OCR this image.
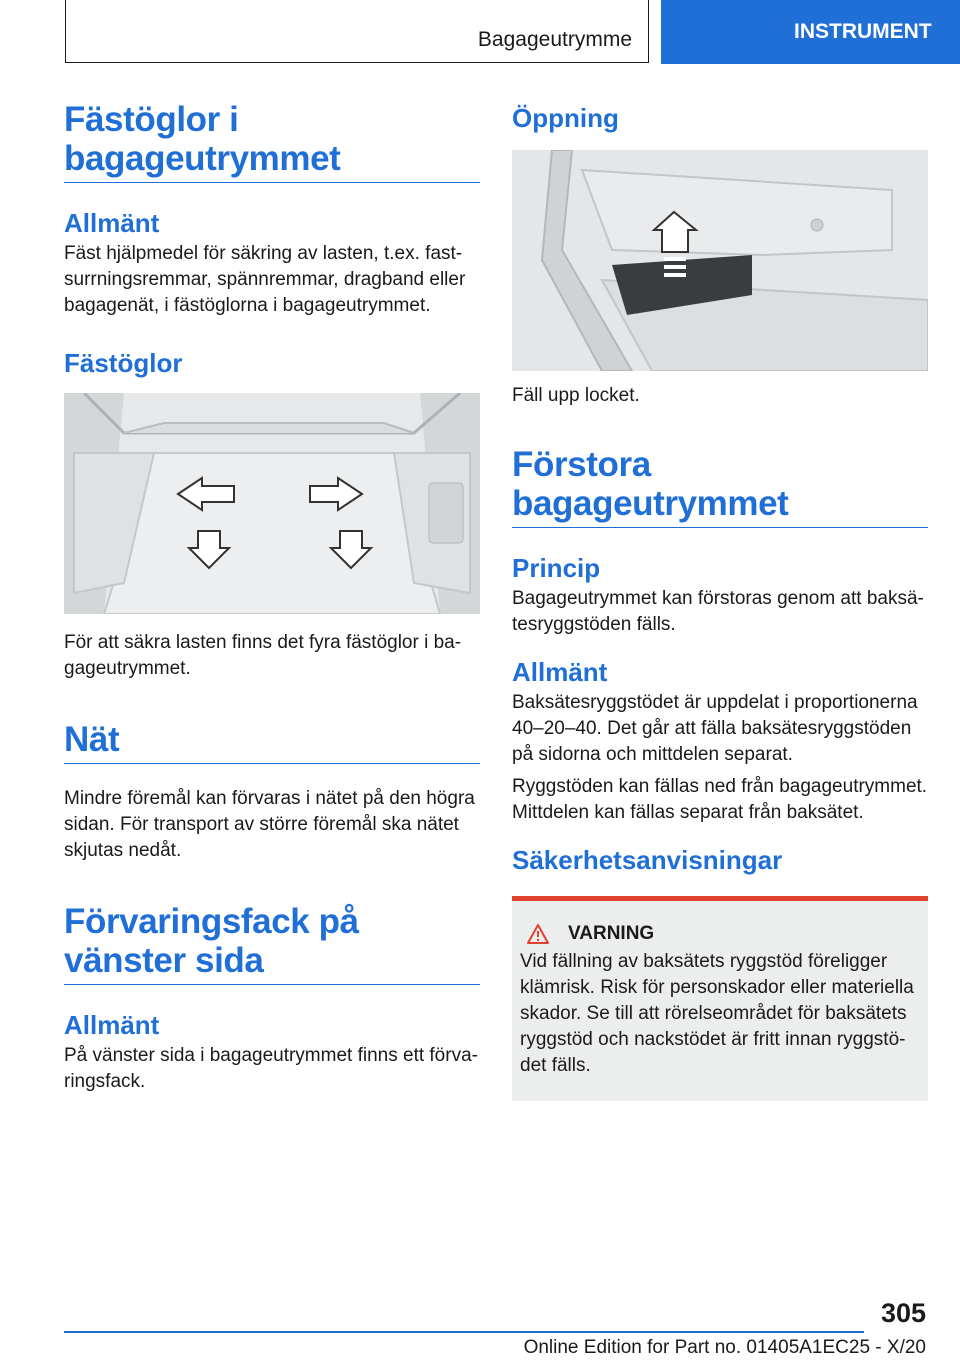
Bagageutrymme	INSTRUMENT
Fästöglor i bagageutrymmet
Allmänt

Fäst hjälpmedel för säkring av lasten, t.ex. fast-surrningsremmar, spännremmar, dragband eller bagagenät, i fästöglorna i bagageutrymmet.

Fästöglor

För att säkra lasten finns det fyra fästöglor i ba-gageutrymmet.

Nät

Mindre föremål kan förvaras i nätet på den högra sidan. För transport av större föremål ska nätet skjutas nedåt.

Förvaringsfack på vänster sida
Allmänt

På vänster sida i bagageutrymmet finns ett förva-ringsfack.

Öppning

Fäll upp locket.

Förstora bagageutrymmet
Princip

Bagageutrymmet kan förstoras genom att baksä-tesryggstöden fälls.

Allmänt

Baksätesryggstödet är uppdelat i proportionerna 40–20–40. Det går att fälla baksätesryggstöden på sidorna och mittdelen separat.

Ryggstöden kan fällas ned från bagageutrymmet. Mittdelen kan fällas separat från baksätet.

Säkerhetsanvisningar
VARNING

Vid fällning av baksätets ryggstöd föreligger klämrisk. Risk för personskador eller materiella skador. Se till att rörelseområdet för baksätets ryggstöd och nackstödet är fritt innan ryggstö-det fälls.

305
Online Edition for Part no. 01405A1EC25 - X/20
